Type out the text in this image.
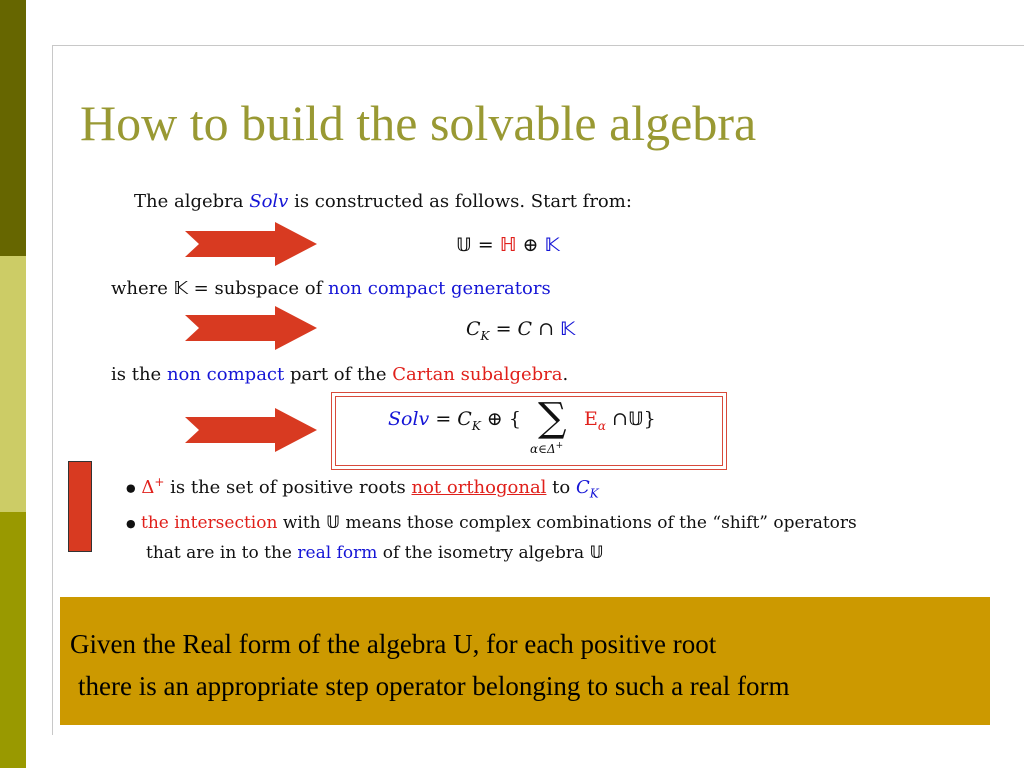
How to build the solvable algebra
The algebra Solv is constructed as follows. Start from:
𝕌 = ℍ ⊕ 𝕂
where 𝕂 = subspace of non compact generators
$C_K = C$ ∩ 𝕂
is the non compact part of the Cartan subalgebra.
Solv = $C_K$ ⊕ { ∑
α∈Δ+
$E_\alpha$ ∩𝕌}
● Δ+ is the set of positive roots not orthogonal to $C_K$
● the intersection with 𝕌 means those complex combinations of the “shift” operators
that are in to the real form of the isometry algebra 𝕌
Given the Real form of the algebra U, for each positive root
there is an appropriate step operator belonging to such a real form
